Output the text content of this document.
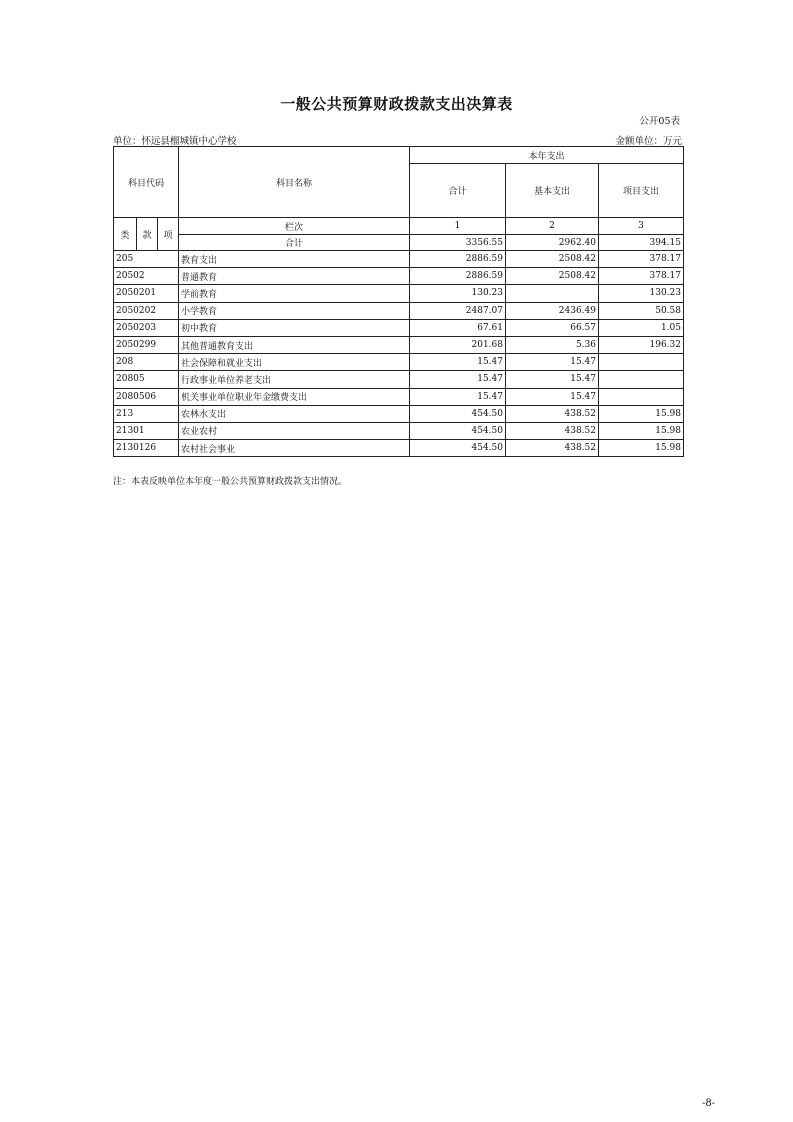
一般公共预算财政拨款支出决算表
公开05表
单位：怀远县榴城镇中心学校	金额单位：万元
科目代码			科目名称	本年支出		
				合计	基本支出	项目支出
类	款	项	栏次	1	2	3
			合计	3356.55	2962.40	394.15
205			教育支出	2886.59	2508.42	378.17
20502			普通教育	2886.59	2508.42	378.17
2050201			学前教育	130.23		130.23
2050202			小学教育	2487.07	2436.49	50.58
2050203			初中教育	67.61	66.57	1.05
2050299			其他普通教育支出	201.68	5.36	196.32
208			社会保障和就业支出	15.47	15.47	
20805			行政事业单位养老支出	15.47	15.47	
2080506			机关事业单位职业年金缴费支出	15.47	15.47	
213			农林水支出	454.50	438.52	15.98
21301			农业农村	454.50	438.52	15.98
2130126			农村社会事业	454.50	438.52	15.98
注：本表反映单位本年度一般公共预算财政拨款支出情况。
-8-
